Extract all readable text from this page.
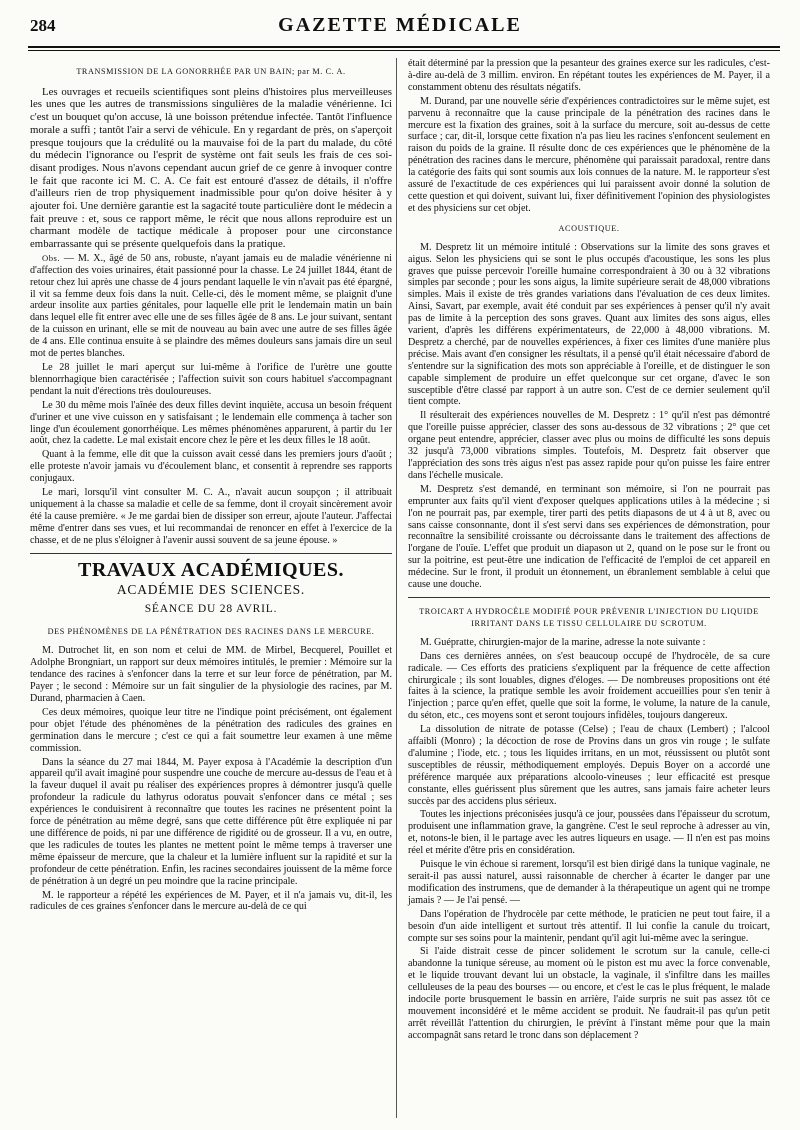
284	GAZETTE MÉDICALE
TRANSMISSION DE LA GONORRHÉE PAR UN BAIN; par M. C. A.

Les ouvrages et recueils scientifiques sont pleins d'histoires plus merveilleuses les unes que les autres de transmissions singulières de la maladie vénérienne. Ici c'est un bouquet qu'on accuse, là une boisson prétendue infectée. Tantôt l'influence morale a suffi ; tantôt l'air a servi de véhicule. En y regardant de près, on s'aperçoit presque toujours que la crédulité ou la mauvaise foi de la part du malade, du côté du médecin l'ignorance ou l'esprit de système ont fait seuls les frais de ces soi-disant prodiges. Nous n'avons cependant aucun grief de ce genre à invoquer contre le fait que raconte ici M. C. A. Ce fait est entouré d'assez de détails, il n'offre d'ailleurs rien de trop physiquement inadmissible pour qu'on doive hésiter à y ajouter foi. Une dernière garantie est la sagacité toute particulière dont le médecin a fait preuve : et, sous ce rapport même, le récit que nous allons reproduire est un charmant modèle de tactique médicale à proposer pour une circonstance embarrassante qui se présente quelquefois dans la pratique.

Obs. — M. X., âgé de 50 ans, robuste, n'ayant jamais eu de maladie vénérienne ni d'affection des voies urinaires, était passionné pour la chasse. Le 24 juillet 1844, étant de retour chez lui après une chasse de 4 jours pendant laquelle le vin n'avait pas été épargné, il vit sa femme deux fois dans la nuit. Celle-ci, dès le moment même, se plaignit d'une ardeur insolite aux parties génitales, pour laquelle elle prit le lendemain matin un bain dans lequel elle fit entrer avec elle une de ses filles âgée de 8 ans. Le jour suivant, sentant de la cuisson en urinant, elle se mit de nouveau au bain avec une autre de ses filles âgée de 4 ans. Elle continua ensuite à se plaindre des mêmes douleurs sans jamais dire un seul mot de pertes blanches.

Le 28 juillet le mari aperçut sur lui-même à l'orifice de l'urètre une goutte blennorrhagique bien caractérisée ; l'affection suivit son cours habituel s'accompagnant pendant la nuit d'érections très douloureuses.

Le 30 du même mois l'aînée des deux filles devint inquiète, accusa un besoin fréquent d'uriner et une vive cuisson en y satisfaisant ; le lendemain elle commença à tacher son linge d'un écoulement gonorrhéique. Les mêmes phénomènes apparurent, à partir du 1er août, chez la cadette. Le mal existait encore chez le père et les deux filles le 18 août.

Quant à la femme, elle dit que la cuisson avait cessé dans les premiers jours d'août ; elle proteste n'avoir jamais vu d'écoulement blanc, et consentit à reprendre ses rapports conjugaux.

Le mari, lorsqu'il vint consulter M. C. A., n'avait aucun soupçon ; il attribuait uniquement à la chasse sa maladie et celle de sa femme, dont il croyait sincèrement avoir été la cause première. « Je me gardai bien de dissiper son erreur, ajoute l'auteur. J'affectai même d'entrer dans ses vues, et lui recommandai de renoncer en effet à l'exercice de la chasse, et de ne plus s'éloigner à l'avenir aussi souvent de sa jeune épouse. »

TRAVAUX ACADÉMIQUES.
ACADÉMIE DES SCIENCES.
SÉANCE DU 28 AVRIL.
DES PHÉNOMÈNES DE LA PÉNÉTRATION DES RACINES DANS LE MERCURE.

M. Dutrochet lit, en son nom et celui de MM. de Mirbel, Becquerel, Pouillet et Adolphe Brongniart, un rapport sur deux mémoires intitulés, le premier : Mémoire sur la tendance des racines à s'enfoncer dans la terre et sur leur force de pénétration, par M. Payer ; le second : Mémoire sur un fait singulier de la physiologie des racines, par M. Durand, pharmacien à Caen.

Ces deux mémoires, quoique leur titre ne l'indique point précisément, ont également pour objet l'étude des phénomènes de la pénétration des radicules des graines en germination dans le mercure ; c'est ce qui a fait soumettre leur examen à une même commission.

Dans la séance du 27 mai 1844, M. Payer exposa à l'Académie la description d'un appareil qu'il avait imaginé pour suspendre une couche de mercure au-dessus de l'eau et à la faveur duquel il avait pu réaliser des expériences propres à démontrer jusqu'à quelle profondeur la radicule du lathyrus odoratus pouvait s'enfoncer dans ce métal ; ses expériences le conduisirent à reconnaître que toutes les racines ne présentent point la force de pénétration au même degré, sans que cette différence pût être expliquée ni par une différence de poids, ni par une différence de rigidité ou de grosseur. Il a vu, en outre, que les radicules de toutes les plantes ne mettent point le même temps à traverser une même épaisseur de mercure, que la chaleur et la lumière influent sur la rapidité et sur la profondeur de cette pénétration. Enfin, les racines secondaires jouissent de la même force de pénétration à un degré un peu moindre que la racine principale.

M. le rapporteur a répété les expériences de M. Payer, et il n'a jamais vu, dit-il, les radicules de ces graines s'enfoncer dans le mercure au-delà de ce qui

était déterminé par la pression que la pesanteur des graines exerce sur les radicules, c'est-à-dire au-delà de 3 millim. environ. En répétant toutes les expériences de M. Payer, il a constamment obtenu des résultats négatifs.

M. Durand, par une nouvelle série d'expériences contradictoires sur le même sujet, est parvenu à reconnaître que la cause principale de la pénétration des racines dans le mercure est la fixation des graines, soit à la surface du mercure, soit au-dessus de cette surface ; car, dit-il, lorsque cette fixation n'a pas lieu les racines s'enfoncent seulement en raison du poids de la graine. Il résulte donc de ces expériences que le phénomène de la pénétration des racines dans le mercure, phénomène qui paraissait paradoxal, rentre dans la catégorie des faits qui sont soumis aux lois connues de la nature. M. le rapporteur s'est assuré de l'exactitude de ces expériences qui lui paraissent avoir donné la solution de cette question et qui doivent, suivant lui, fixer définitivement l'opinion des physiologistes et des physiciens sur cet objet.

ACOUSTIQUE.

M. Despretz lit un mémoire intitulé : Observations sur la limite des sons graves et aigus. Selon les physiciens qui se sont le plus occupés d'acoustique, les sons les plus graves que puisse percevoir l'oreille humaine correspondraient à 30 ou à 32 vibrations simples par seconde ; pour les sons aigus, la limite supérieure serait de 48,000 vibrations simples. Mais il existe de très grandes variations dans l'évaluation de ces deux limites. Ainsi, Savart, par exemple, avait été conduit par ses expériences à penser qu'il n'y avait pas de limite à la perception des sons graves. Quant aux limites des sons aigus, elles varient, d'après les différens expérimentateurs, de 22,000 à 48,000 vibrations. M. Despretz a cherché, par de nouvelles expériences, à fixer ces limites d'une manière plus précise. Mais avant d'en consigner les résultats, il a pensé qu'il était nécessaire d'abord de s'entendre sur la signification des mots son appréciable à l'oreille, et de distinguer le son capable simplement de produire un effet quelconque sur cet organe, d'avec le son susceptible d'être classé par rapport à un autre son. C'est de ce dernier seulement qu'il tient compte.

Il résulterait des expériences nouvelles de M. Despretz : 1° qu'il n'est pas démontré que l'oreille puisse apprécier, classer des sons au-dessous de 32 vibrations ; 2° que cet organe peut entendre, apprécier, classer avec plus ou moins de difficulté les sons depuis 32 jusqu'à 73,000 vibrations simples. Toutefois, M. Despretz fait observer que l'appréciation des sons très aigus n'est pas assez rapide pour qu'on puisse les faire entrer dans l'échelle musicale.

M. Despretz s'est demandé, en terminant son mémoire, si l'on ne pourrait pas emprunter aux faits qu'il vient d'exposer quelques applications utiles à la médecine ; si l'on ne pourrait pas, par exemple, tirer parti des petits diapasons de ut 4 à ut 8, avec ou sans caisse consonnante, dont il s'est servi dans ses expériences de démonstration, pour reconnaître la sensibilité croissante ou décroissante dans le traitement des affections de l'organe de l'ouïe. L'effet que produit un diapason ut 2, quand on le pose sur le front ou sur la poitrine, est peut-être une indication de l'efficacité de l'emploi de cet appareil en médecine. Sur le front, il produit un étonnement, un ébranlement semblable à celui que cause une douche.

TROICART A HYDROCÈLE MODIFIÉ POUR PRÉVENIR L'INJECTION DU LIQUIDE IRRITANT DANS LE TISSU CELLULAIRE DU SCROTUM.

M. Guépratte, chirurgien-major de la marine, adresse la note suivante :

Dans ces dernières années, on s'est beaucoup occupé de l'hydrocèle, de sa cure radicale. — Ces efforts des praticiens s'expliquent par la fréquence de cette affection chirurgicale ; ils sont louables, dignes d'éloges. — De nombreuses propositions ont été faites à la science, la pratique semble les avoir froidement accueillies pour s'en tenir à l'injection ; parce qu'en effet, quelle que soit la forme, le volume, la nature de la canule, du séton, etc., ces moyens sont et seront toujours infidèles, toujours dangereux.

La dissolution de nitrate de potasse (Celse) ; l'eau de chaux (Lembert) ; l'alcool affaibli (Monro) ; la décoction de rose de Provins dans un gros vin rouge ; le sulfate d'alumine ; l'iode, etc. ; tous les liquides irritans, en un mot, réussissent ou plutôt sont susceptibles de réussir, méthodiquement employés. Depuis Boyer on a accordé une préférence marquée aux préparations alcoolo-vineuses ; leur efficacité est presque constante, elles guérissent plus sûrement que les autres, sans jamais faire acheter leurs succès par des accidens plus sérieux.

Toutes les injections préconisées jusqu'à ce jour, poussées dans l'épaisseur du scrotum, produisent une inflammation grave, la gangrène. C'est le seul reproche à adresser au vin, et, notons-le bien, il le partage avec les autres liqueurs en usage. — Il n'en est pas moins réel et mérite d'être pris en considération.

Puisque le vin échoue si rarement, lorsqu'il est bien dirigé dans la tunique vaginale, ne serait-il pas aussi naturel, aussi raisonnable de chercher à écarter le danger par une modification des instrumens, que de demander à la thérapeutique un agent qui ne trompe jamais ? — Je l'ai pensé. —

Dans l'opération de l'hydrocèle par cette méthode, le praticien ne peut tout faire, il a besoin d'un aide intelligent et surtout très attentif. Il lui confie la canule du troicart, compte sur ses soins pour la maintenir, pendant qu'il agit lui-même avec la seringue.

Si l'aide distrait cesse de pincer solidement le scrotum sur la canule, celle-ci abandonne la tunique séreuse, au moment où le piston est mu avec la force convenable, et le liquide trouvant devant lui un obstacle, la vaginale, il s'infiltre dans les mailles celluleuses de la peau des bourses — ou encore, et c'est le cas le plus fréquent, le malade indocile porte brusquement le bassin en arrière, l'aide surpris ne suit pas assez tôt ce mouvement inconsidéré et le même accident se produit. Ne faudrait-il pas qu'un petit arrêt réveillât l'attention du chirurgien, le prévînt à l'instant même pour que la main accompagnât sans retard le tronc dans son déplacement ?
